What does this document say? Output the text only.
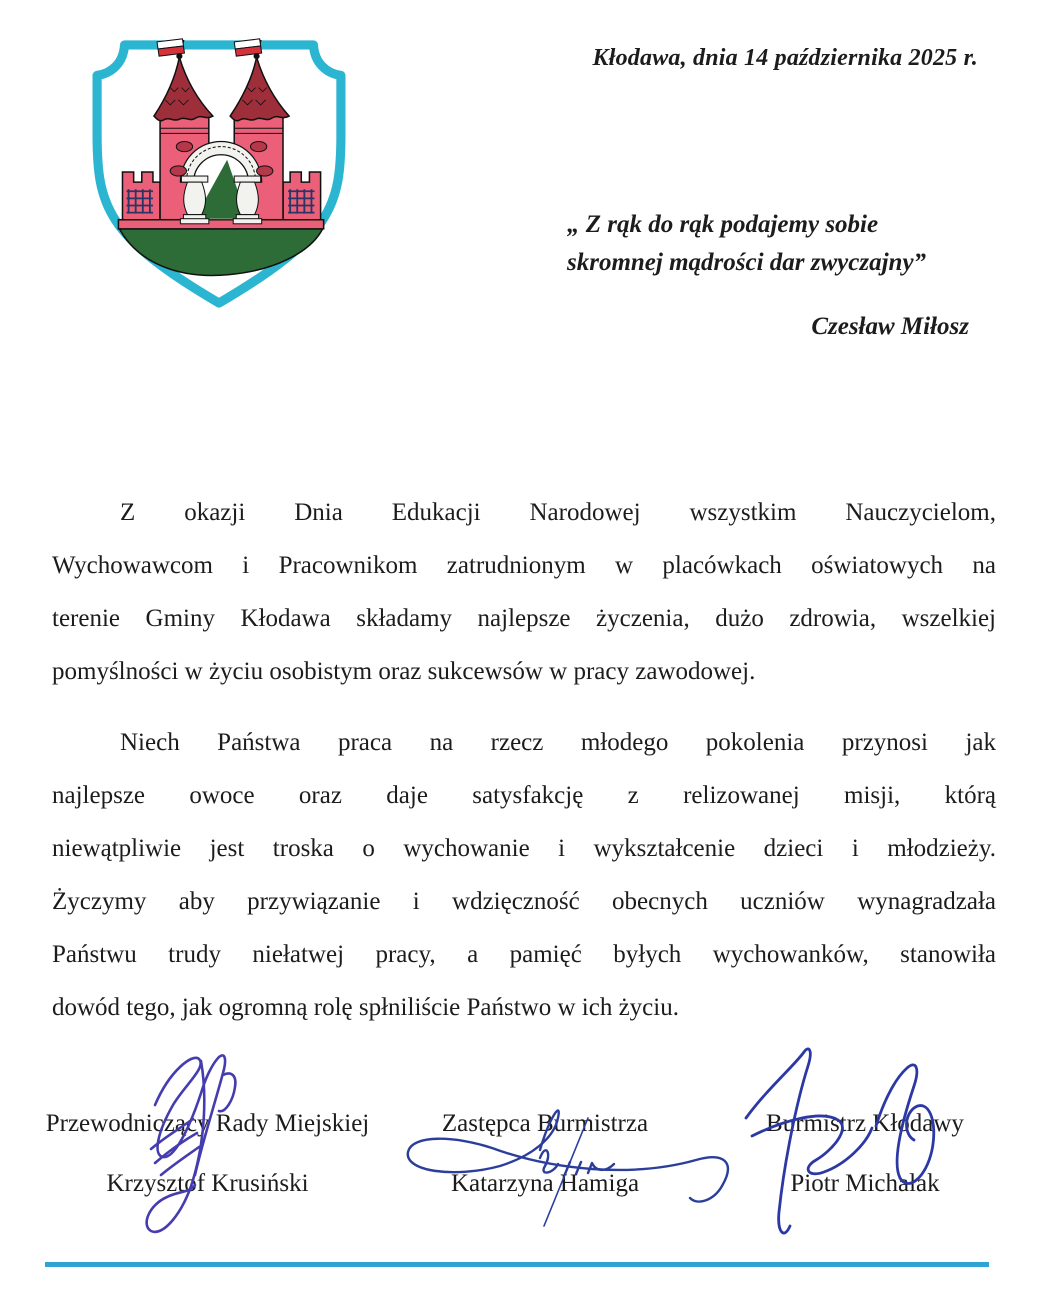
Kłodawa, dnia 14 października 2025 r.
„ Z rąk do rąk podajemy sobie
skromnej mądrości dar zwyczajny”
Czesław Miłosz
Z okazji Dnia Edukacji Narodowej wszystkim Nauczycielom,
Wychowawcom i Pracownikom zatrudnionym w placówkach oświatowych na
terenie Gminy Kłodawa składamy najlepsze życzenia, dużo zdrowia, wszelkiej
pomyślności w życiu osobistym oraz sukcewsów w pracy zawodowej.
Niech Państwa praca na rzecz młodego pokolenia przynosi jak
najlepsze owoce oraz daje satysfakcję z relizowanej misji, którą
niewątpliwie jest troska o wychowanie i wykształcenie dzieci i młodzieży.
Życzymy aby przywiązanie i wdzięczność obecnych uczniów wynagradzała
Państwu trudy niełatwej pracy, a pamięć byłych wychowanków, stanowiła
dowód tego, jak ogromną rolę spłniliście Państwo w ich życiu.
Przewodniczący Rady Miejskiej
Krzysztof Krusiński
Zastępca Burmistrza
Katarzyna Hamiga
Burmistrz Kłodawy
Piotr Michalak
